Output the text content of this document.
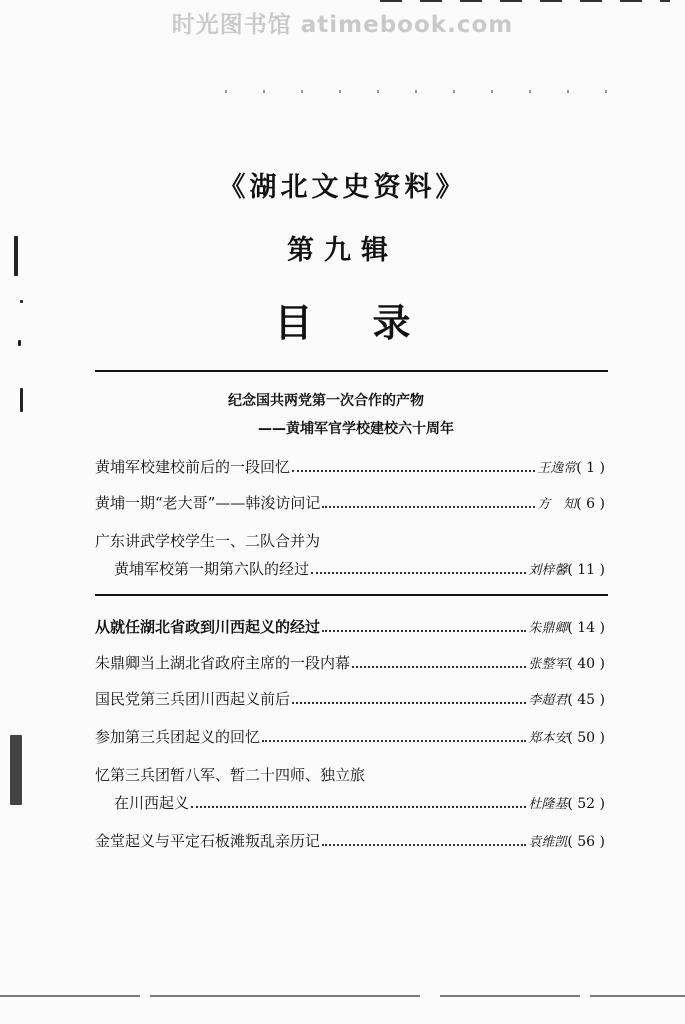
时光图书馆 atimebook.com
《湖北文史资料》
第九辑
目录
纪念国共两党第一次合作的产物
——黄埔军官学校建校六十周年
黄埔军校建校前后的一段回忆	王逸常 ( 1 )
黄埔一期“老大哥”——韩浚访问记	方　知 ( 6 )
广东讲武学校学生一、二队合并为
黄埔军校第一期第六队的经过	刘梓馨 ( 11 )
从就任湖北省政到川西起义的经过	朱鼎卿 ( 14 )
朱鼎卿当上湖北省政府主席的一段内幕	张整军 ( 40 )
国民党第三兵团川西起义前后	李超君 ( 45 )
参加第三兵团起义的回忆	郑本安 ( 50 )
忆第三兵团暂八军、暂二十四师、独立旅
在川西起义	杜隆基 ( 52 )
金堂起义与平定石板滩叛乱亲历记	袁维凯 ( 56 )
